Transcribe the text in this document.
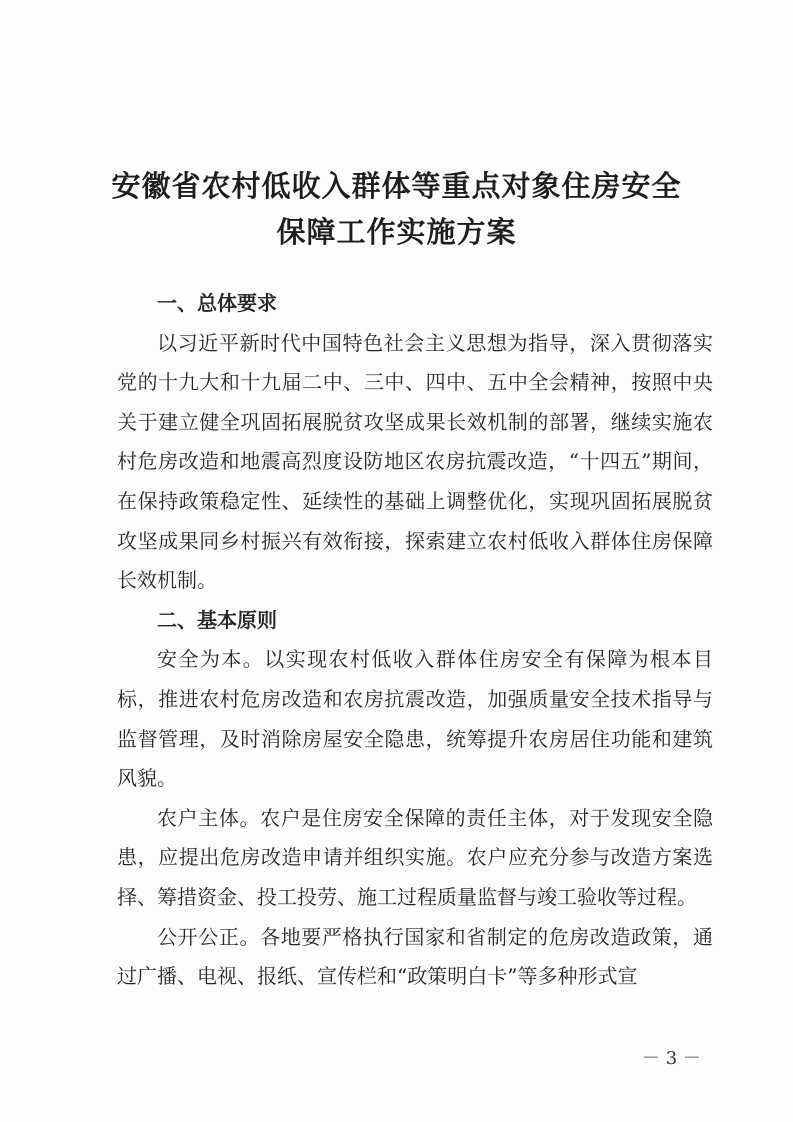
安徽省农村低收入群体等重点对象住房安全
保障工作实施方案
一、总体要求

以习近平新时代中国特色社会主义思想为指导，深入贯彻落实党的十九大和十九届二中、三中、四中、五中全会精神，按照中央关于建立健全巩固拓展脱贫攻坚成果长效机制的部署，继续实施农村危房改造和地震高烈度设防地区农房抗震改造，“十四五”期间，在保持政策稳定性、延续性的基础上调整优化，实现巩固拓展脱贫攻坚成果同乡村振兴有效衔接，探索建立农村低收入群体住房保障长效机制。

二、基本原则

安全为本。以实现农村低收入群体住房安全有保障为根本目标，推进农村危房改造和农房抗震改造，加强质量安全技术指导与监督管理，及时消除房屋安全隐患，统筹提升农房居住功能和建筑风貌。

农户主体。农户是住房安全保障的责任主体，对于发现安全隐患，应提出危房改造申请并组织实施。农户应充分参与改造方案选择、筹措资金、投工投劳、施工过程质量监督与竣工验收等过程。

公开公正。各地要严格执行国家和省制定的危房改造政策，通过广播、电视、报纸、宣传栏和“政策明白卡”等多种形式宣

－ 3 －
